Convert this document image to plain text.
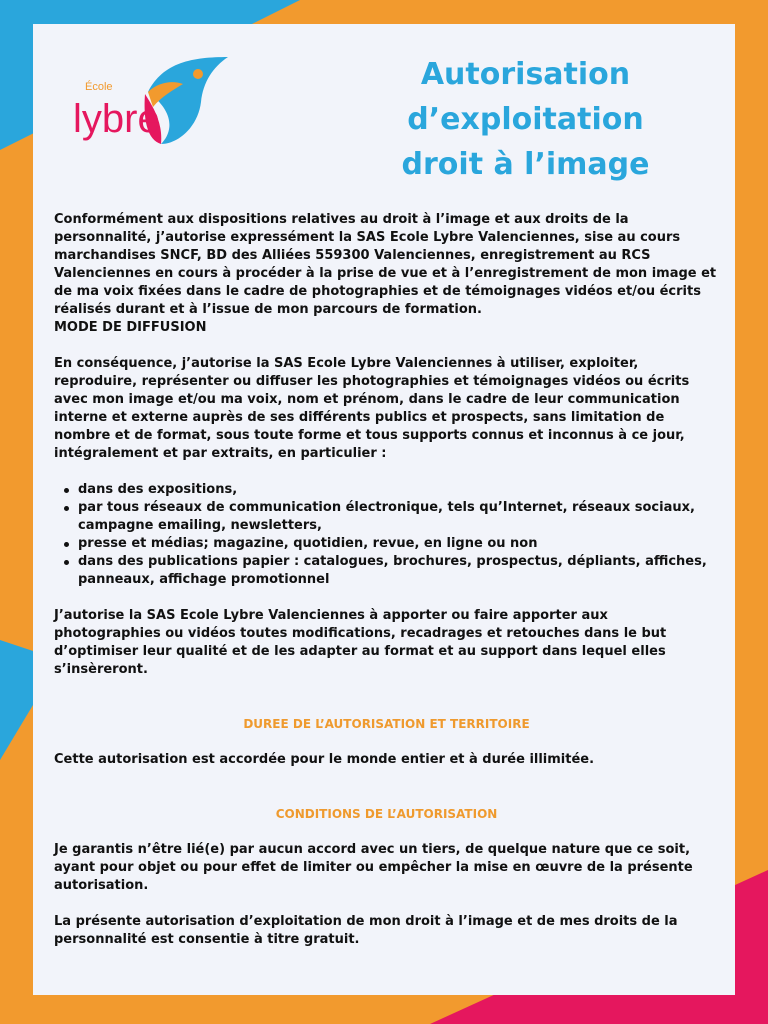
École
lybre
Autorisation
d’exploitation
droit à l’image

Conformément aux dispositions relatives au droit à l’image et aux droits de la personnalité, j’autorise expressément la SAS Ecole Lybre Valenciennes, sise au cours marchandises SNCF, BD des Alliées 559300 Valenciennes, enregistrement au RCS Valenciennes en cours à procéder à la prise de vue et à l’enregistrement de mon image et de ma voix fixées dans le cadre de photographies et de témoignages vidéos et/ou écrits réalisés durant et à l’issue de mon parcours de formation.

MODE DE DIFFUSION

En conséquence, j’autorise la SAS Ecole Lybre Valenciennes à utiliser, exploiter, reproduire, représenter ou diffuser les photographies et témoignages vidéos ou écrits avec mon image et/ou ma voix, nom et prénom, dans le cadre de leur communication interne et externe auprès de ses différents publics et prospects, sans limitation de nombre et de format, sous toute forme et tous supports connus et inconnus à ce jour, intégralement et par extraits, en particulier :

dans des expositions,
par tous réseaux de communication électronique, tels qu’Internet, réseaux sociaux, campagne emailing, newsletters,
presse et médias; magazine, quotidien, revue, en ligne ou non
dans des publications papier : catalogues, brochures, prospectus, dépliants, affiches, panneaux, affichage promotionnel

J’autorise la SAS Ecole Lybre Valenciennes à apporter ou faire apporter aux photographies ou vidéos toutes modifications, recadrages et retouches dans le but d’optimiser leur qualité et de les adapter au format et au support dans lequel elles s’insèreront.

DUREE DE L’AUTORISATION ET TERRITOIRE

Cette autorisation est accordée pour le monde entier et à durée illimitée.

CONDITIONS DE L’AUTORISATION

Je garantis n’être lié(e) par aucun accord avec un tiers, de quelque nature que ce soit, ayant pour objet ou pour effet de limiter ou empêcher la mise en œuvre de la présente autorisation.

La présente autorisation d’exploitation de mon droit à l’image et de mes droits de la personnalité est consentie à titre gratuit.
